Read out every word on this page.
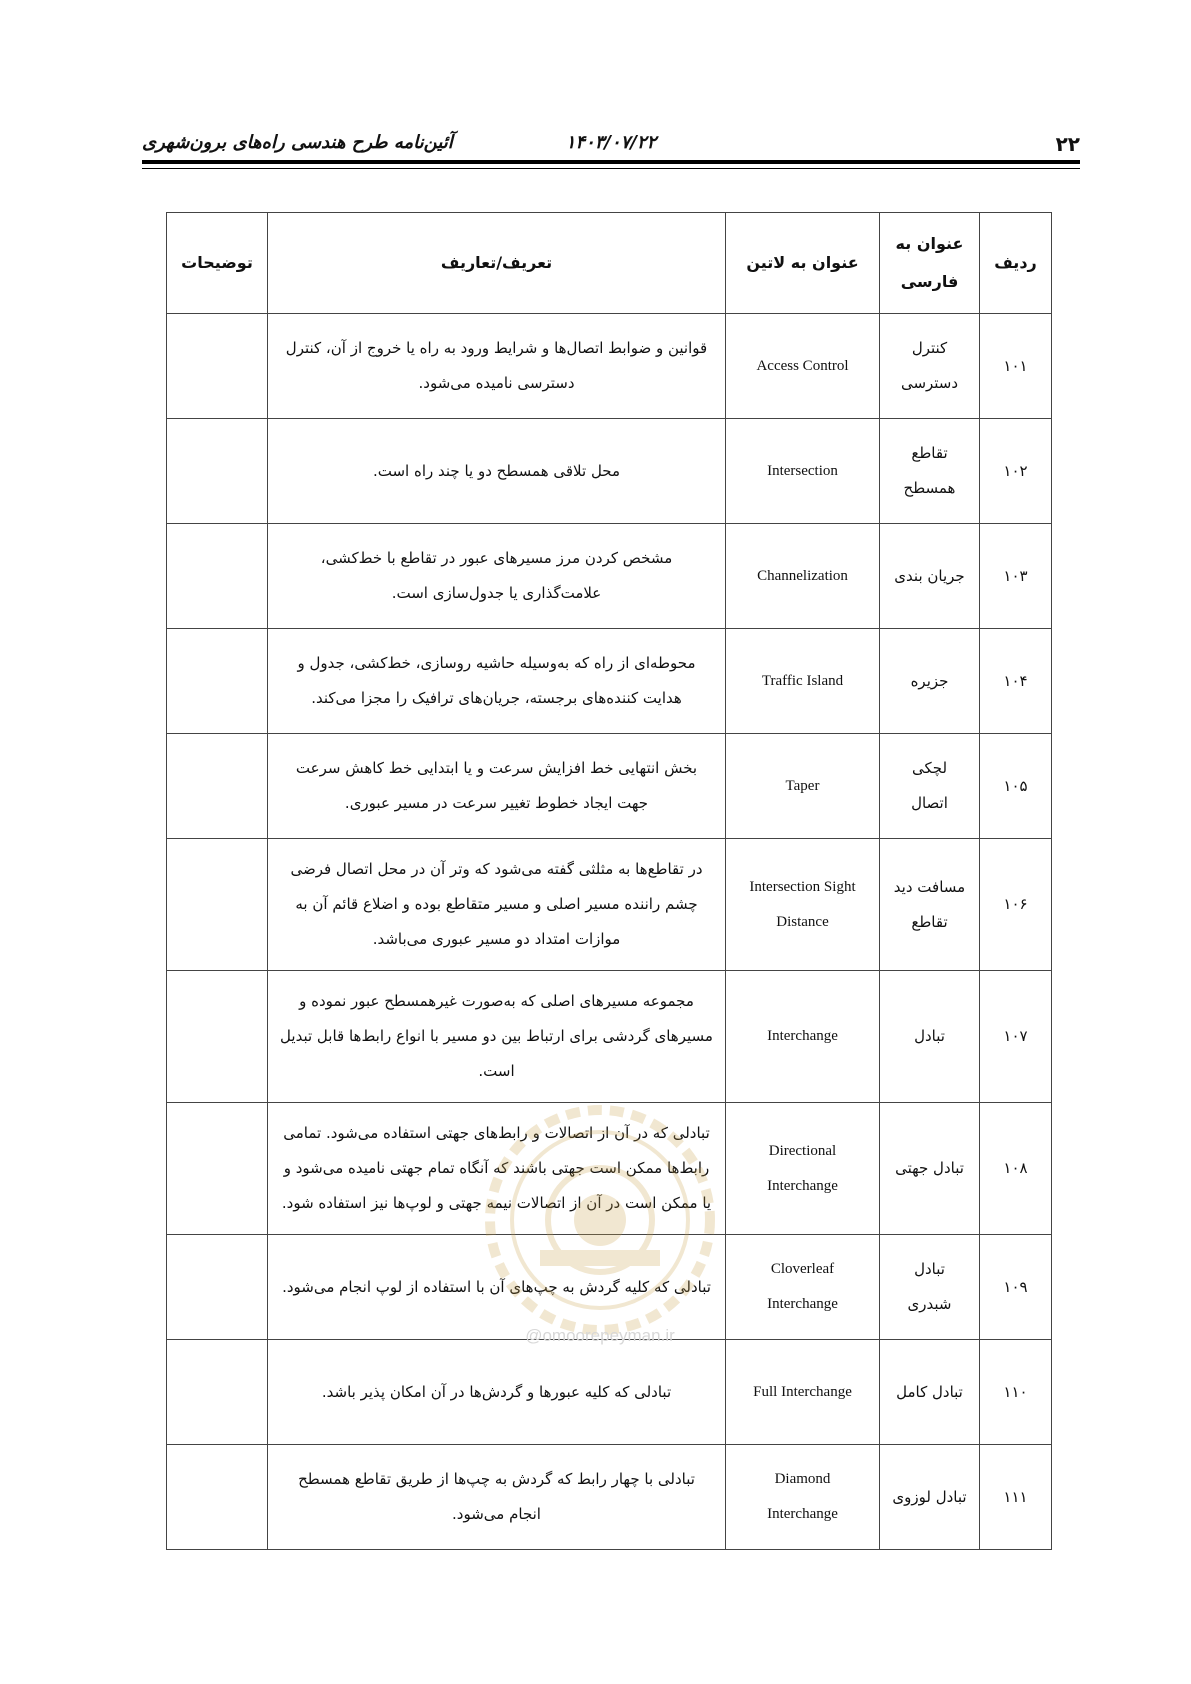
۲۲
۱۴۰۳/۰۷/۲۲
آئین‌نامه طرح هندسی راه‌های برون‌شهری
ردیف	عنوان به فارسی	عنوان به لاتین	تعریف/تعاریف	توضیحات
۱۰۱	کنترل دسترسی	Access Control	قوانین و ضوابط اتصال‌ها و شرایط ورود به راه یا خروج از آن، کنترل دسترسی نامیده می‌شود.	
۱۰۲	تقاطع همسطح	Intersection	محل تلاقی همسطح دو یا چند راه است.	
۱۰۳	جریان بندی	Channelization	مشخص کردن مرز مسیرهای عبور در تقاطع با خط‌کشی، علامت‌گذاری یا جدول‌سازی است.	
۱۰۴	جزیره	Traffic Island	محوطه‌ای از راه که به‌وسیله حاشیه روسازی، خط‌کشی، جدول و هدایت کننده‌های برجسته، جریان‌های ترافیک را مجزا می‌کند.	
۱۰۵	لچکی اتصال	Taper	بخش انتهایی خط افزایش سرعت و یا ابتدایی خط کاهش سرعت جهت ایجاد خطوط تغییر سرعت در مسیر عبوری.	
۱۰۶	مسافت دید تقاطع	Intersection Sight Distance	در تقاطع‌ها به مثلثی گفته می‌شود که وتر آن در محل اتصال فرضی چشم راننده مسیر اصلی و مسیر متقاطع بوده و اضلاع قائم آن به موازات امتداد دو مسیر عبوری می‌باشد.	
۱۰۷	تبادل	Interchange	مجموعه مسیرهای اصلی که به‌صورت غیرهمسطح عبور نموده و مسیرهای گردشی برای ارتباط بین دو مسیر با انواع رابط‌ها قابل تبدیل است.	
۱۰۸	تبادل جهتی	Directional Interchange	تبادلی که در آن از اتصالات و رابط‌های جهتی استفاده می‌شود. تمامی رابط‌ها ممکن است جهتی باشند که آنگاه تمام جهتی نامیده می‌شود و یا ممکن است در آن از اتصالات نیمه جهتی و لوپ‌ها نیز استفاده شود.	
۱۰۹	تبادل شبدری	Cloverleaf Interchange	تبادلی که کلیه گردش به چپ‌های آن با استفاده از لوپ انجام می‌شود.	
۱۱۰	تبادل کامل	Full Interchange	تبادلی که کلیه عبورها و گردش‌ها در آن امکان پذیر باشد.	
۱۱۱	تبادل لوزوی	Diamond Interchange	تبادلی با چهار رابط که گردش به چپ‌ها از طریق تقاطع همسطح انجام می‌شود.	
@omoorepeyman.ir
